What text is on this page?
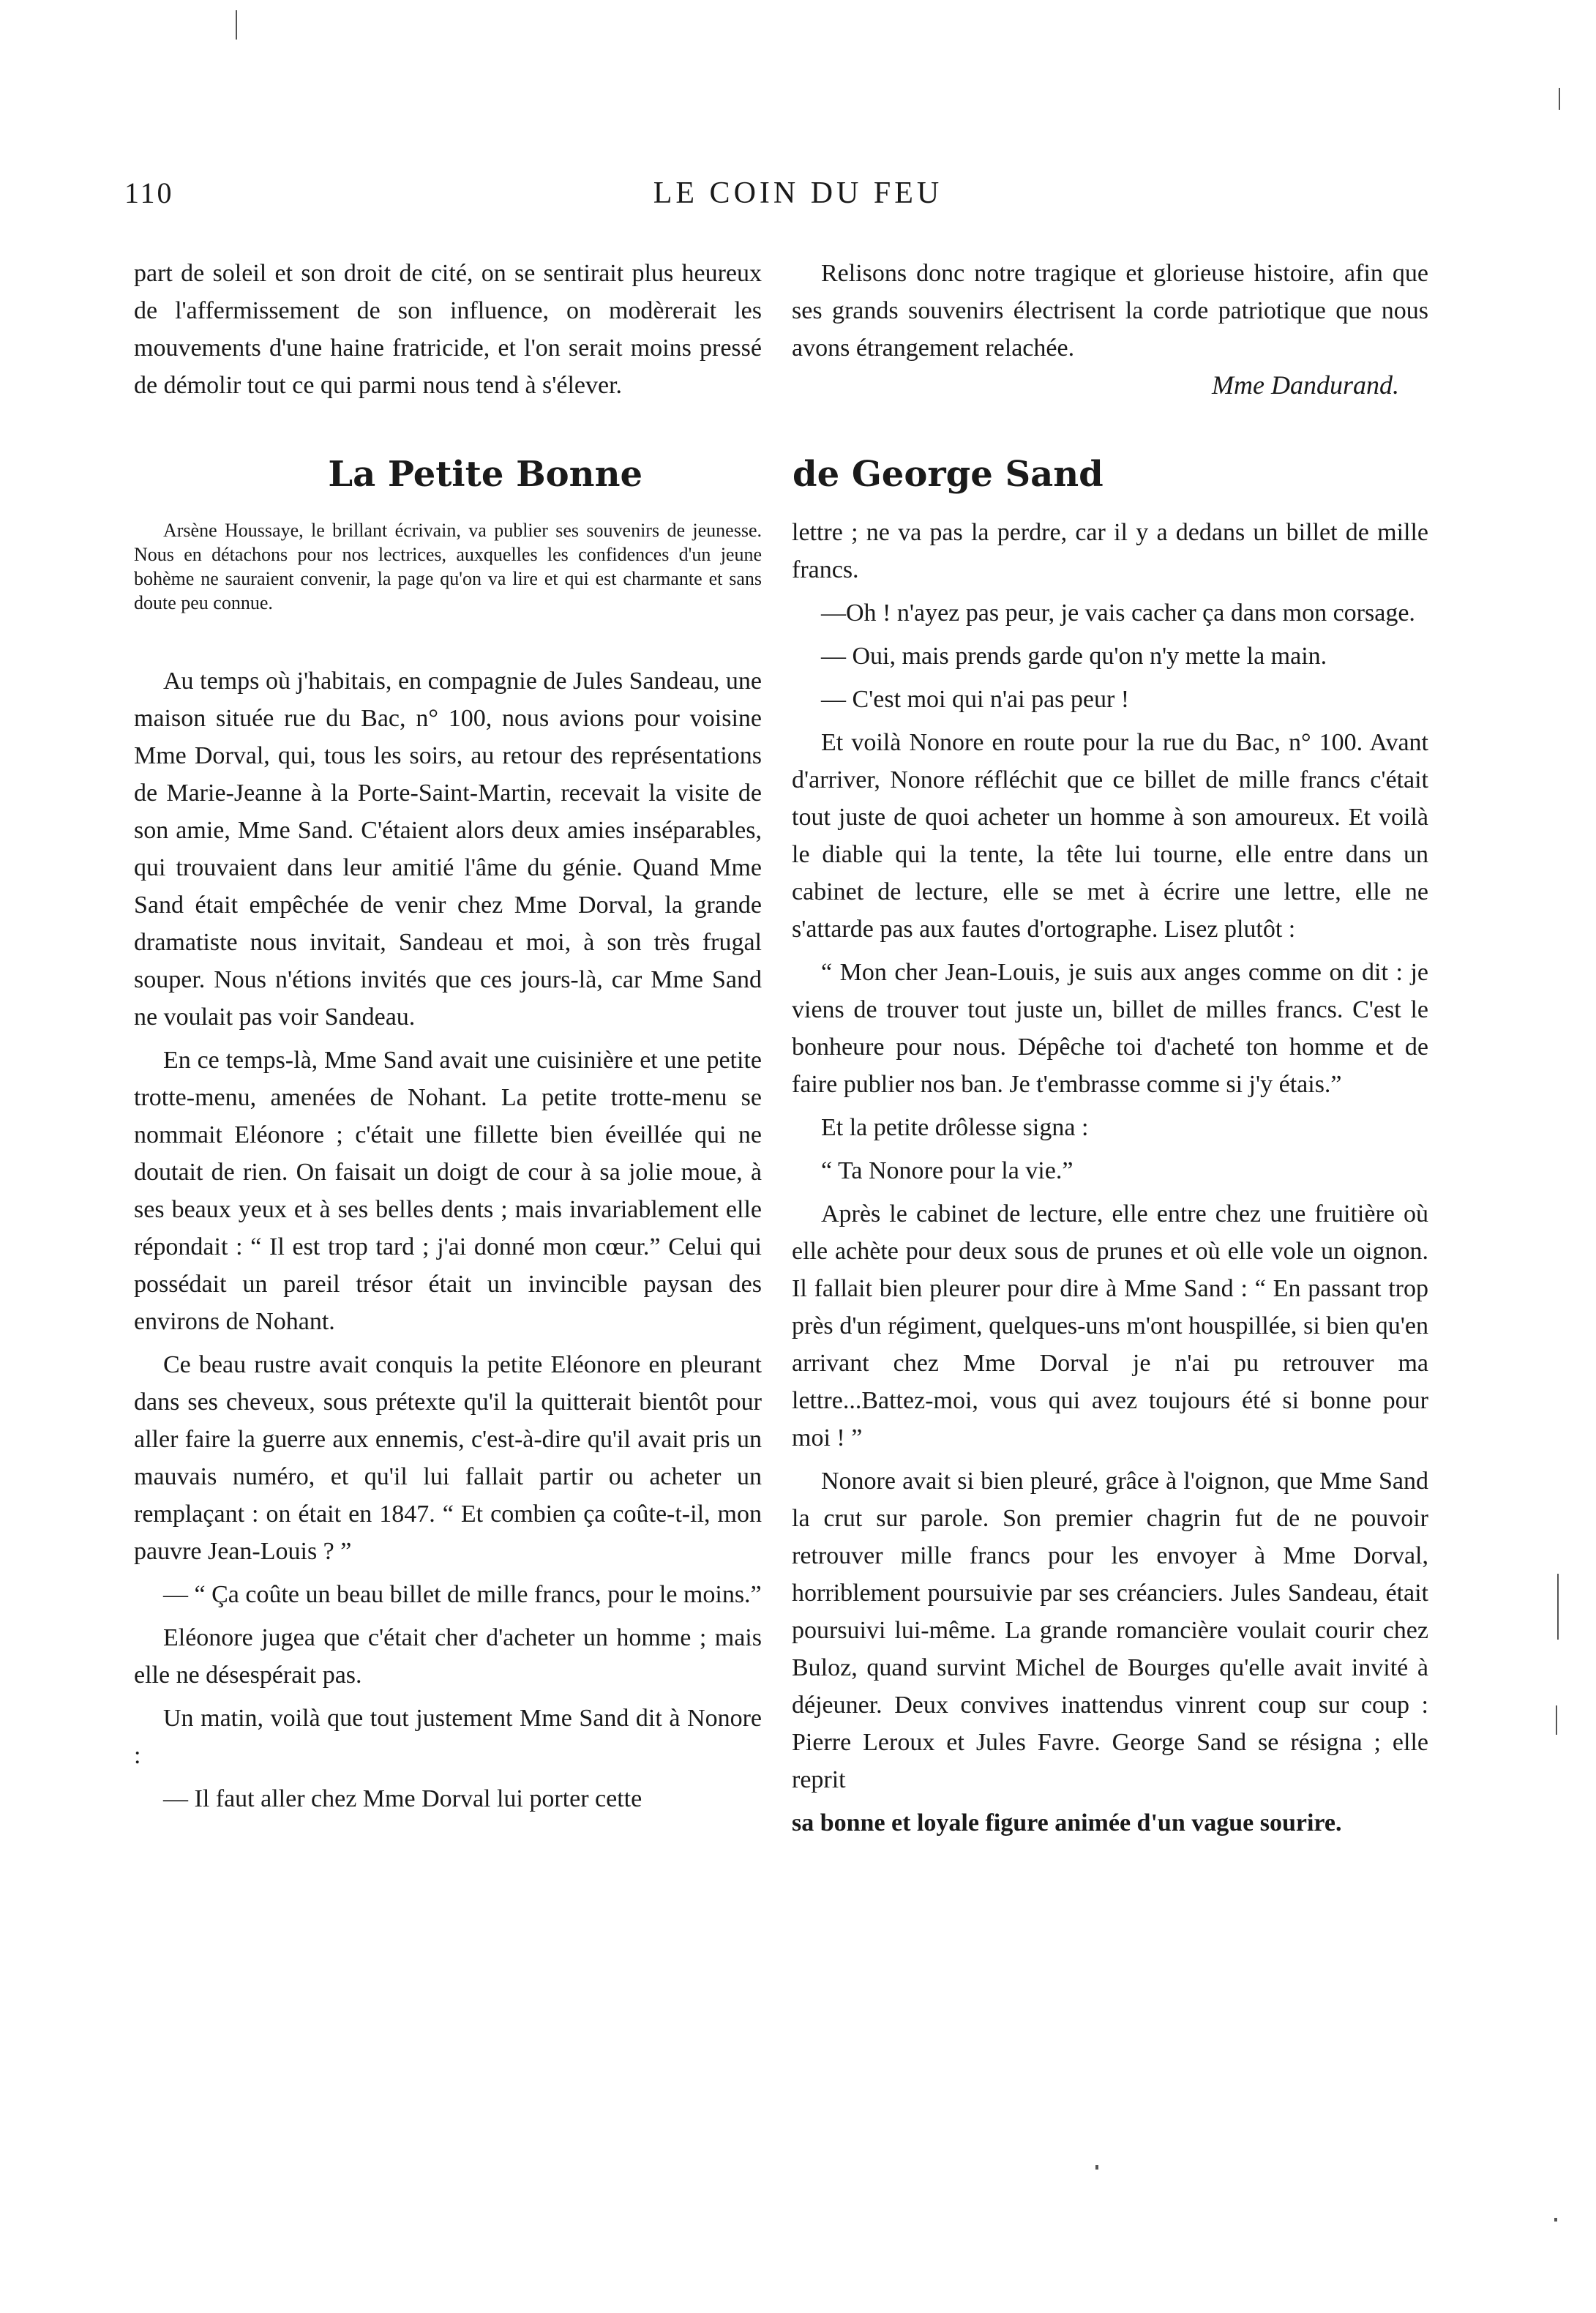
110	LE COIN DU FEU

part de soleil et son droit de cité, on se sentirait plus heureux de l'affermissement de son influence, on modèrerait les mouvements d'une haine fratricide, et l'on serait moins pressé de démolir tout ce qui parmi nous tend à s'élever.

Relisons donc notre tragique et glorieuse histoire, afin que ses grands souvenirs électrisent la corde patriotique que nous avons étrangement relachée.

Mme Dandurand.

La Petite Bonne	de George Sand
Arsène Houssaye, le brillant écrivain, va publier ses souvenirs de jeunesse. Nous en détachons pour nos lectrices, auxquelles les confidences d'un jeune bohème ne sauraient convenir, la page qu'on va lire et qui est charmante et sans doute peu connue.

Au temps où j'habitais, en compagnie de Jules Sandeau, une maison située rue du Bac, n° 100, nous avions pour voisine Mme Dorval, qui, tous les soirs, au retour des représentations de Marie-Jeanne à la Porte-Saint-Martin, recevait la visite de son amie, Mme Sand. C'étaient alors deux amies inséparables, qui trouvaient dans leur amitié l'âme du génie. Quand Mme Sand était empêchée de venir chez Mme Dorval, la grande dramatiste nous invitait, Sandeau et moi, à son très frugal souper. Nous n'étions invités que ces jours-là, car Mme Sand ne voulait pas voir Sandeau.

En ce temps-là, Mme Sand avait une cuisinière et une petite trotte-menu, amenées de Nohant. La petite trotte-menu se nommait Eléonore ; c'était une fillette bien éveillée qui ne doutait de rien. On faisait un doigt de cour à sa jolie moue, à ses beaux yeux et à ses belles dents ; mais invariablement elle répondait : “ Il est trop tard ; j'ai donné mon cœur.” Celui qui possédait un pareil trésor était un invincible paysan des environs de Nohant.

Ce beau rustre avait conquis la petite Eléonore en pleurant dans ses cheveux, sous prétexte qu'il la quitterait bientôt pour aller faire la guerre aux ennemis, c'est-à-dire qu'il avait pris un mauvais numéro, et qu'il lui fallait partir ou acheter un remplaçant : on était en 1847. “ Et combien ça coûte-t-il, mon pauvre Jean-Louis ? ”

— “ Ça coûte un beau billet de mille francs, pour le moins.”

Eléonore jugea que c'était cher d'acheter un homme ; mais elle ne désespérait pas.

Un matin, voilà que tout justement Mme Sand dit à Nonore :

— Il faut aller chez Mme Dorval lui porter cette

lettre ; ne va pas la perdre, car il y a dedans un billet de mille francs.

—Oh ! n'ayez pas peur, je vais cacher ça dans mon corsage.

— Oui, mais prends garde qu'on n'y mette la main.

— C'est moi qui n'ai pas peur !

Et voilà Nonore en route pour la rue du Bac, n° 100. Avant d'arriver, Nonore réfléchit que ce billet de mille francs c'était tout juste de quoi acheter un homme à son amoureux. Et voilà le diable qui la tente, la tête lui tourne, elle entre dans un cabinet de lecture, elle se met à écrire une lettre, elle ne s'attarde pas aux fautes d'ortographe. Lisez plutôt :

“ Mon cher Jean-Louis, je suis aux anges comme on dit : je viens de trouver tout juste un, billet de milles francs. C'est le bonheure pour nous. Dépêche toi d'acheté ton homme et de faire publier nos ban. Je t'embrasse comme si j'y étais.”

Et la petite drôlesse signa :

“ Ta Nonore pour la vie.”

Après le cabinet de lecture, elle entre chez une fruitière où elle achète pour deux sous de prunes et où elle vole un oignon. Il fallait bien pleurer pour dire à Mme Sand : “ En passant trop près d'un régiment, quelques-uns m'ont houspillée, si bien qu'en arrivant chez Mme Dorval je n'ai pu retrouver ma lettre...Battez-moi, vous qui avez toujours été si bonne pour moi ! ”

Nonore avait si bien pleuré, grâce à l'oignon, que Mme Sand la crut sur parole. Son premier chagrin fut de ne pouvoir retrouver mille francs pour les envoyer à Mme Dorval, horriblement poursuivie par ses créanciers. Jules Sandeau, était poursuivi lui-même. La grande romancière voulait courir chez Buloz, quand survint Michel de Bourges qu'elle avait invité à déjeuner. Deux convives inattendus vinrent coup sur coup : Pierre Leroux et Jules Favre. George Sand se résigna ; elle reprit

sa bonne et loyale figure animée d'un vague sourire.
